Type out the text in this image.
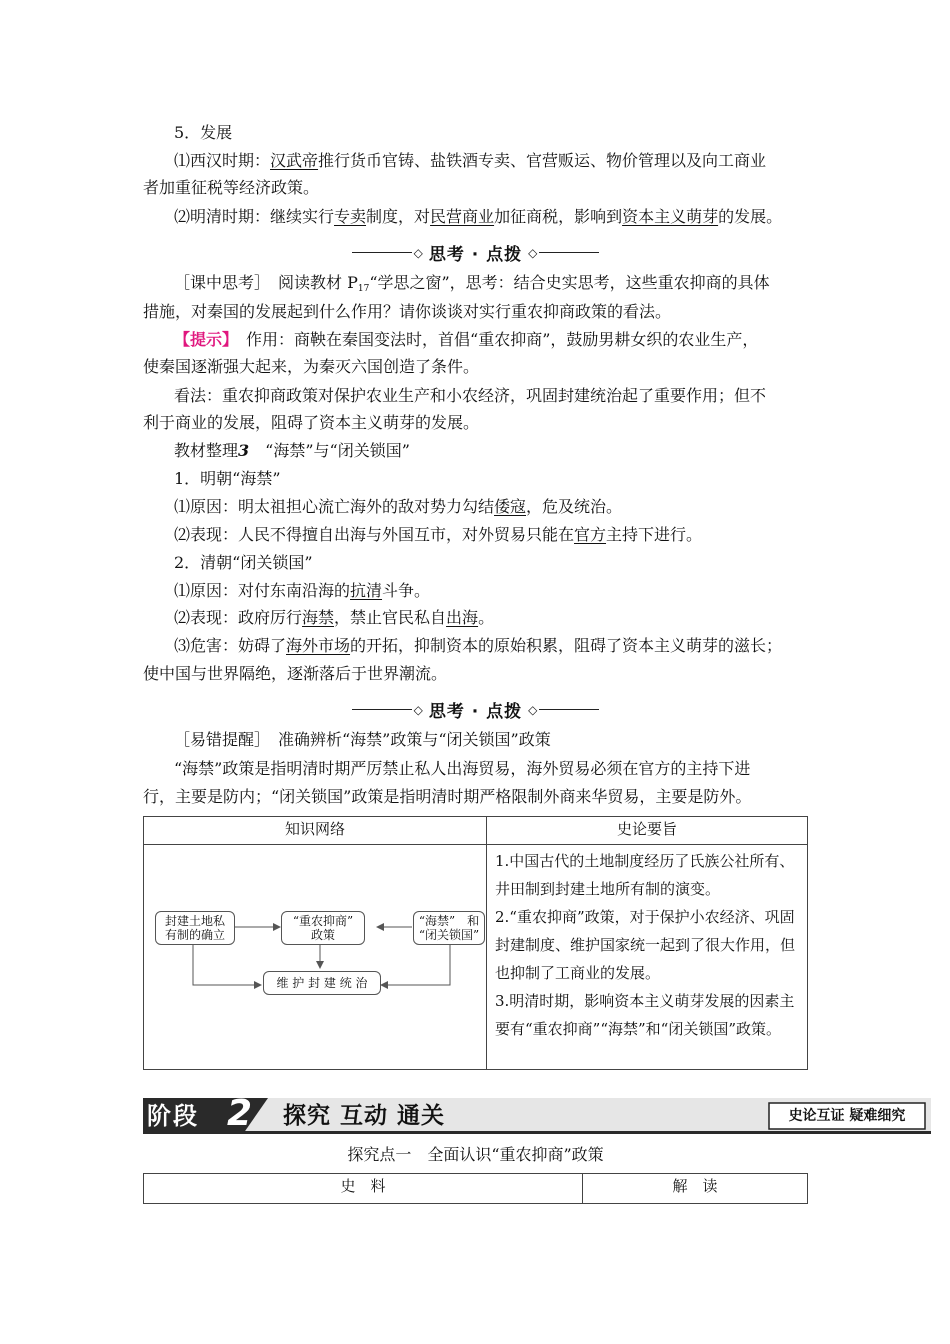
5．发展
⑴西汉时期：汉武帝推行货币官铸、盐铁酒专卖、官营贩运、物价管理以及向工商业
者加重征税等经济政策。
⑵明清时期：继续实行专卖制度，对民营商业加征商税，影响到资本主义萌芽的发展。
◇ 思考 · 点拨 ◇
［课中思考］　阅读教材 $P_{17}“$学思之窗”，思考：结合史实思考，这些重农抑商的具体
措施，对秦国的发展起到什么作用？请你谈谈对实行重农抑商政策的看法。
【提示】　作用：商鞅在秦国变法时，首倡“重农抑商”，鼓励男耕女织的农业生产，
使秦国逐渐强大起来，为秦灭六国创造了条件。
看法：重农抑商政策对保护农业生产和小农经济，巩固封建统治起了重要作用；但不
利于商业的发展，阻碍了资本主义萌芽的发展。
教材整理3　“海禁”与“闭关锁国”
1．明朝“海禁”
⑴原因：明太祖担心流亡海外的敌对势力勾结倭寇，危及统治。
⑵表现：人民不得擅自出海与外国互市，对外贸易只能在官方主持下进行。
2．清朝“闭关锁国”
⑴原因：对付东南沿海的抗清斗争。
⑵表现：政府厉行海禁，禁止官民私自出海。
⑶危害：妨碍了海外市场的开拓，抑制资本的原始积累，阻碍了资本主义萌芽的滋长；
使中国与世界隔绝，逐渐落后于世界潮流。
◇ 思考 · 点拨 ◇
［易错提醒］　准确辨析“海禁”政策与“闭关锁国”政策
“海禁”政策是指明清时期严厉禁止私人出海贸易，海外贸易必须在官方的主持下进
行，主要是防内；“闭关锁国”政策是指明清时期严格限制外商来华贸易，主要是防外。
知识网络	史论要旨

	1.中国古代的土地制度经历了氏族公社所有、井田制到封建土地所有制的演变。
2.“重农抑商”政策，对于保护小农经济、巩固封建制度、维护国家统一起到了很大作用，但也抑制了工商业的发展。
3.明清时期，影响资本主义萌芽发展的因素主要有“重农抑商”“海禁”和“闭关锁国”政策。
封建土地私
有制的确立
“重农抑商”
政策
“海禁”　和
“闭关锁国”
维 护 封 建 统 治
阶段 2 探究 互动 通关	史论互证 疑难细究
探究点一　全面认识“重农抑商”政策
史　料	解　读
